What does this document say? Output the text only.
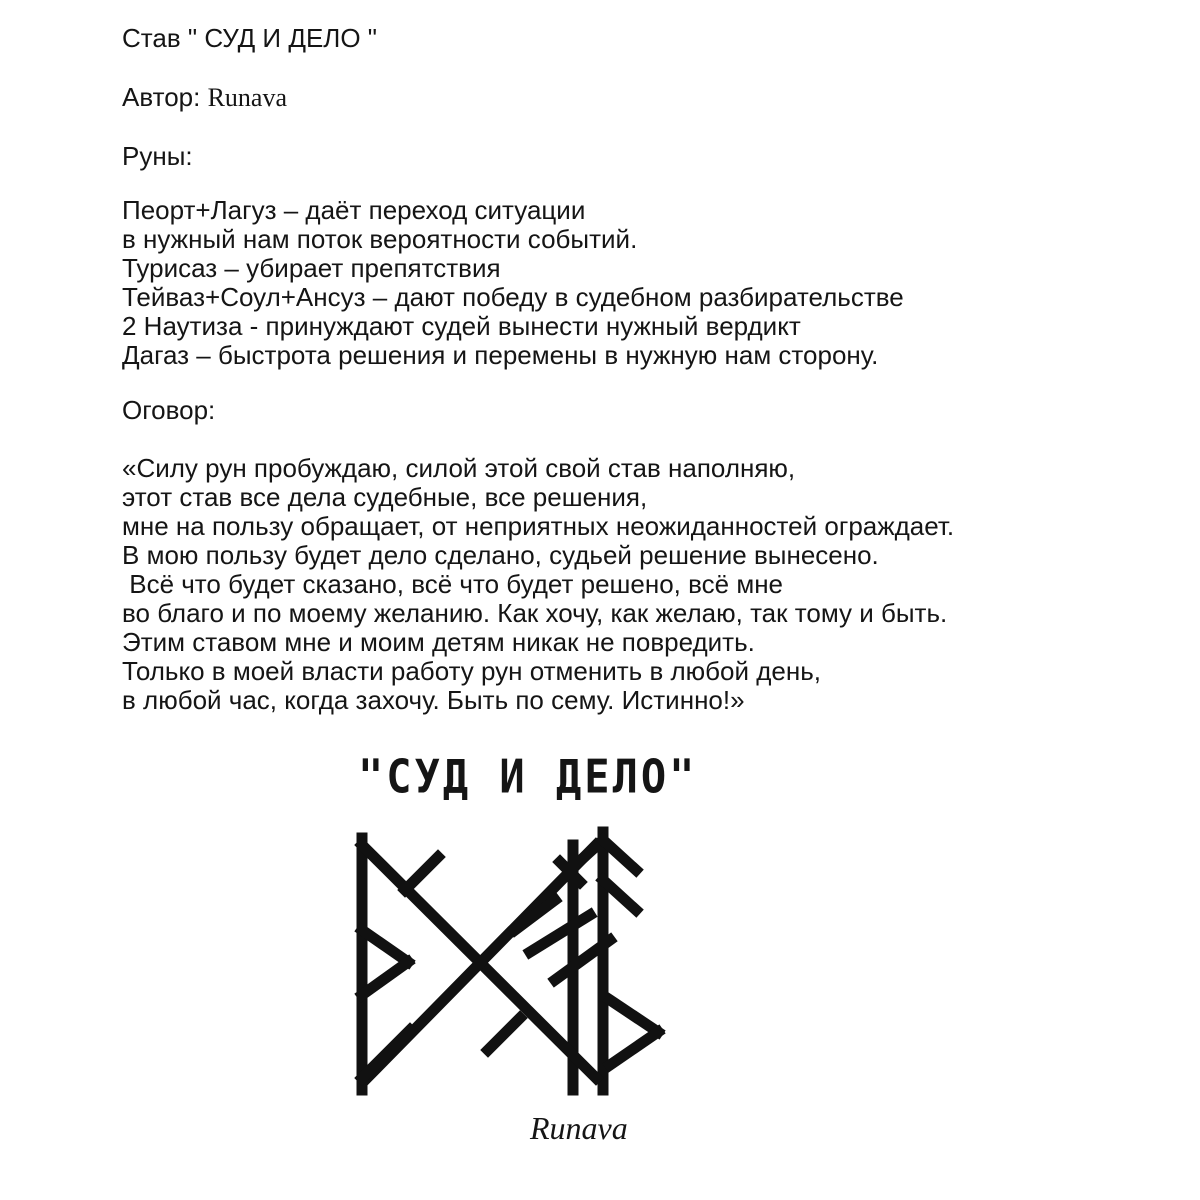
Став " СУД И ДЕЛО "
Автор: Runava
Руны:
Пеорт+Лагуз – даёт переход ситуации
в нужный нам поток вероятности событий.
Турисаз – убирает препятствия
Тейваз+Соул+Ансуз – дают победу в судебном разбирательстве
2 Наутиза - принуждают судей вынести нужный вердикт
Дагаз – быстрота решения и перемены в нужную нам сторону.
Оговор:
«Силу рун пробуждаю, силой этой свой став наполняю,
этот став все дела судебные, все решения,
мне на пользу обращает, от неприятных неожиданностей ограждает.
В мою пользу будет дело сделано, судьей решение вынесено.
Всё что будет сказано, всё что будет решено, всё мне
во благо и по моему желанию. Как хочу, как желаю, так тому и быть.
Этим ставом мне и моим детям никак не повредить.
Только в моей власти работу рун отменить в любой день,
в любой час, когда захочу. Быть по сему. Истинно!»
"СУД И ДЕЛО"
Runava
